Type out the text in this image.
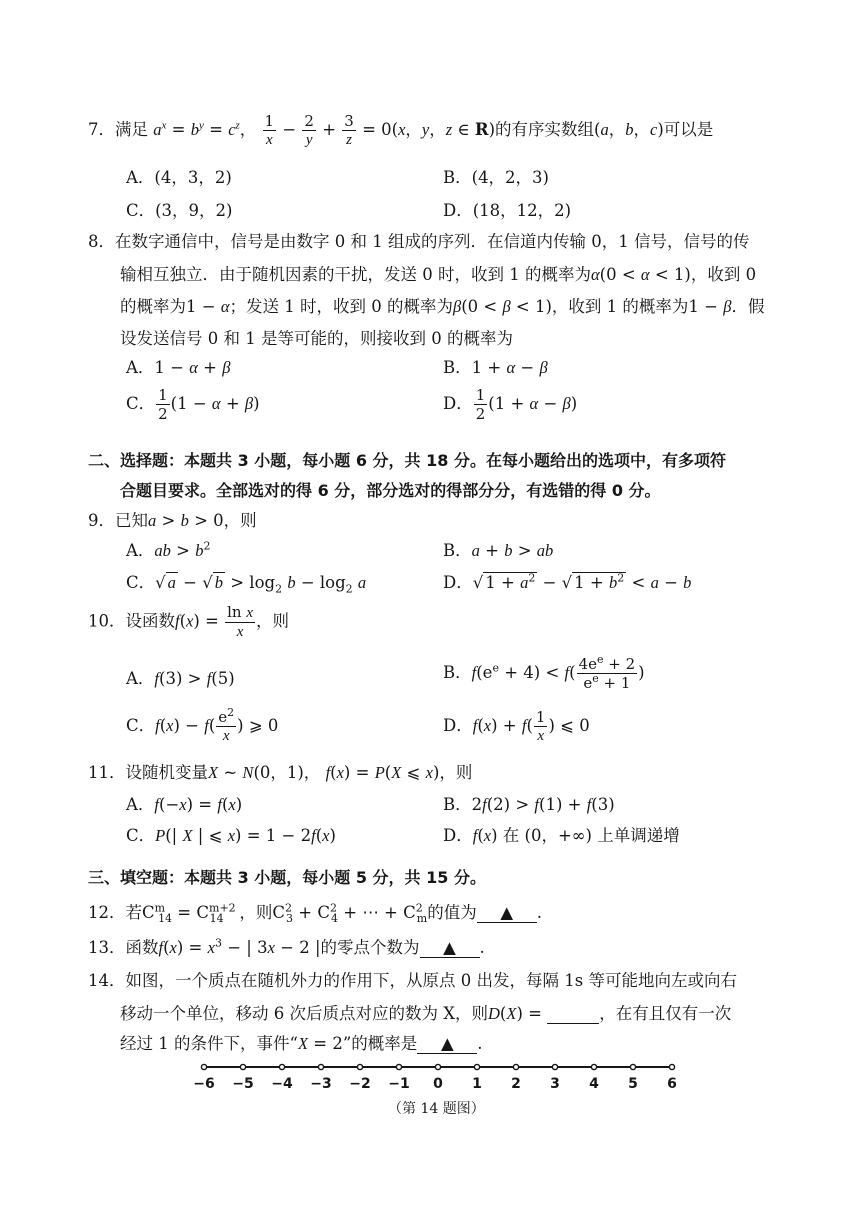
7．满足 $a^x = b^y = c^z$， $\frac{1}{x} - \frac{2}{y} + \frac{3}{z} = 0(x$，y，z ∈ R)的有序实数组(a，b，c)可以是
A．(4，3，2)	B．(4，2，3)
C．(3，9，2)	D．(18，12，2)
8．在数字通信中，信号是由数字 0 和 1 组成的序列．在信道内传输 0，1 信号，信号的传
输相互独立．由于随机因素的干扰，发送 0 时，收到 1 的概率为α(0 < α < 1)，收到 0
的概率为1 − α；发送 1 时，收到 0 的概率为β(0 < β < 1)，收到 1 的概率为1 − β．假
设发送信号 0 和 1 是等可能的，则接收到 0 的概率为
A．1 − α + β	B．1 + α − β
C． $\frac{1}{2} (1 - \alpha + \beta)$	D． $\frac{1}{2} (1 + \alpha - \beta)$
二、选择题：本题共 3 小题，每小题 6 分，共 18 分。在每小题给出的选项中，有多项符
合题目要求。全部选对的得 6 分，部分选对的得部分分，有选错的得 0 分。
9．已知a > b > 0，则
A．ab > $b^2$	B．a + b > ab
C．√ a − √ $b > \log_2 b - \log_2 a$	D．√ $1 + a^2$ − √ $1 + b^2 < a - b$
10．设函数$f(x) = \frac{\text{ln x}}{x}$ ，则
A．f(3) > f(5)	B．$f(e^e + 4) < f( \frac{4e^e + 2}{e^e + 1}$ )
C．$f(x) - f( \frac{e^2}{x}$ ) ⩾ 0	D．$f(x) + f( \frac{1}{x}$ ) ⩽ 0
11．设随机变量X ~ N(0，1)， f(x) = P(X ⩽ x)，则
A．f(−x) = f(x)	B．2f(2) > f(1) + f(3)
C．P(| X | ⩽ x) = 1 − 2f(x)	D．f(x) 在 (0，+∞) 上单调递增
三、填空题：本题共 3 小题，每小题 5 分，共 15 分。
12．若$C^m_{14} = C^{m+2}_{14}$ ，则$C^2_3 + C^2_4$ + ⋯ + $C^2_m$的值为 ▲ .
13．函数$f(x) = x^3$ − | 3x − 2 |的零点个数为 ▲ .
14．如图，一个质点在随机外力的作用下，从原点 0 出发，每隔 1s 等可能地向左或向右
移动一个单位，移动 6 次后质点对应的数为 X，则D(X) =	，在有且仅有一次
经过 1 的条件下，事件“X = 2”的概率是 ▲ .
−6 −5 −4 −3 −2 −1 0 1 2 3 4 5 6
（第 14 题图）
